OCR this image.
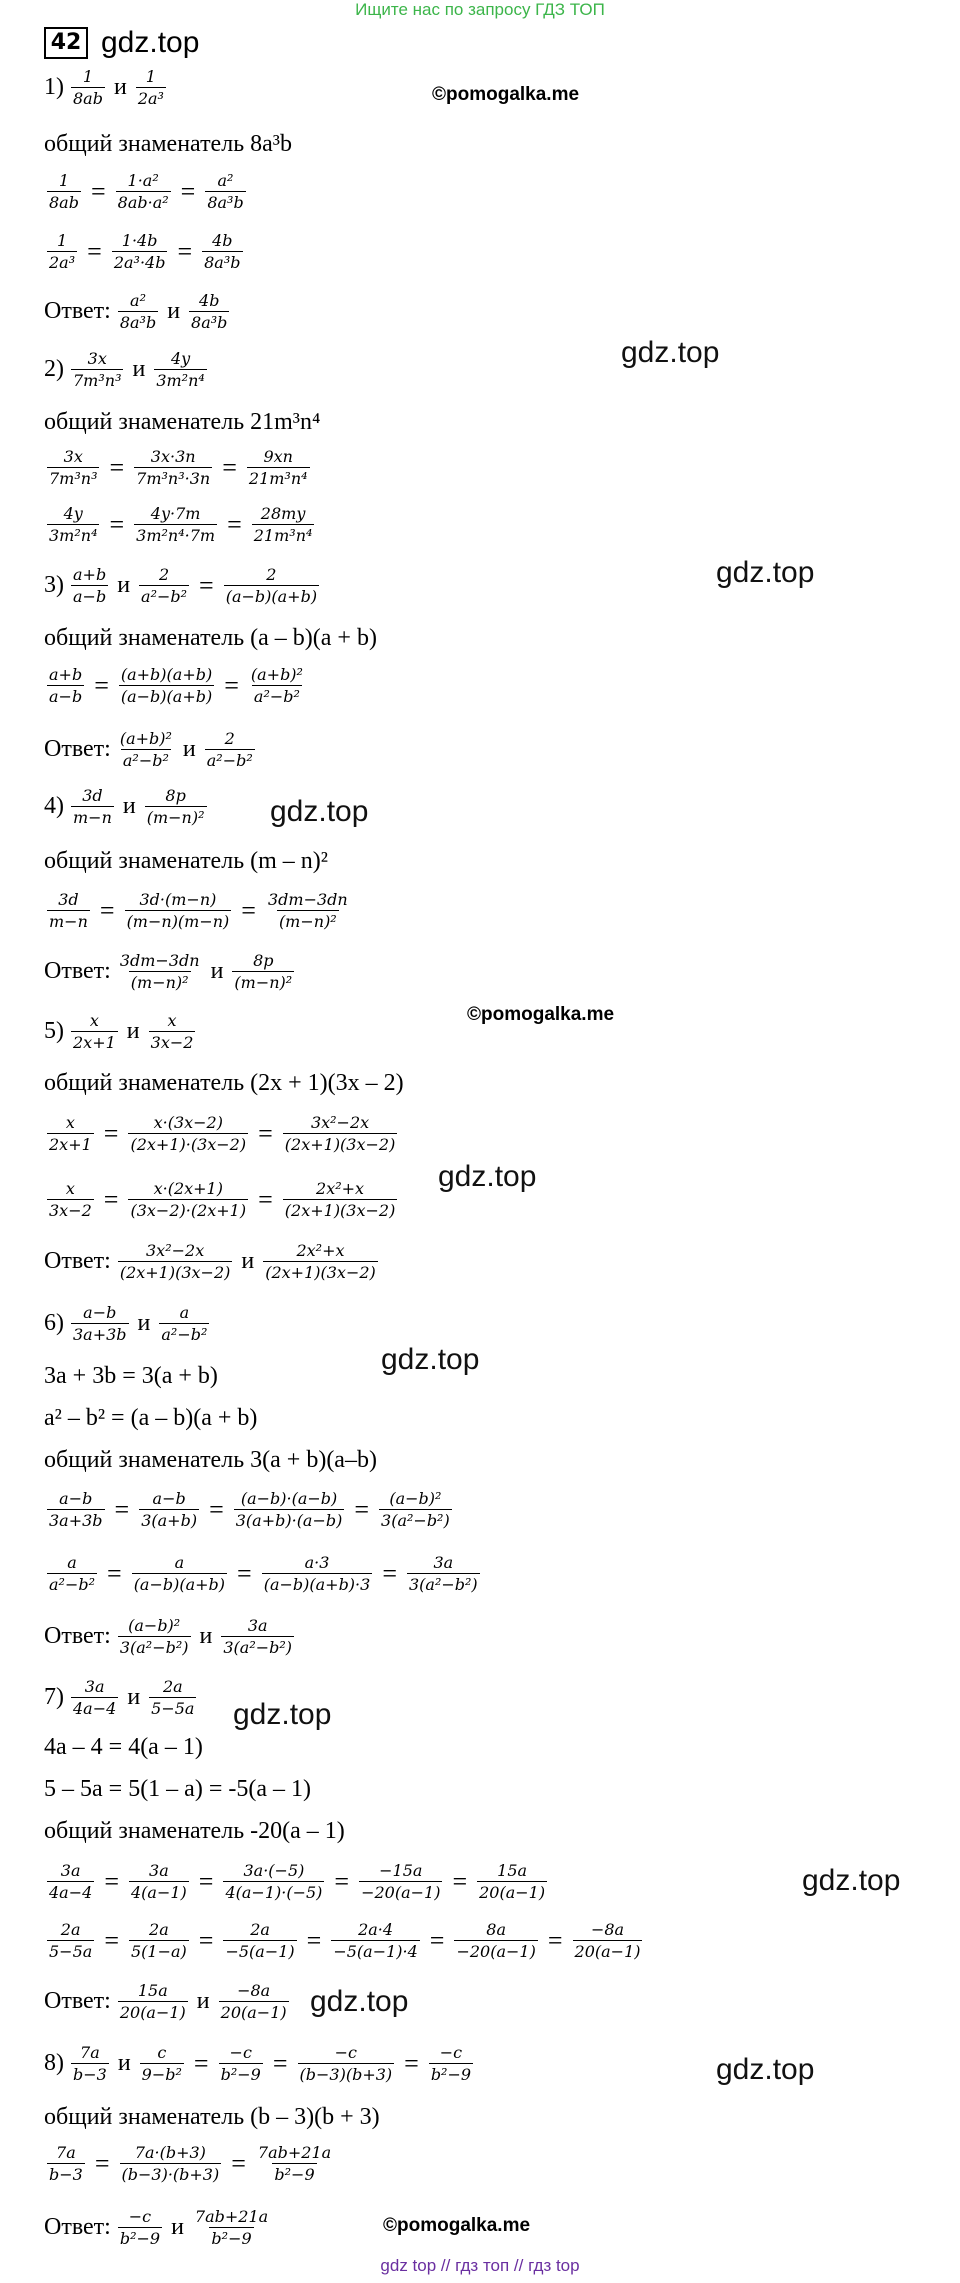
Ищите нас по запросу ГДЗ ТОП
42 gdz.top
©pomogalka.me
gdz.top
gdz.top
gdz.top
©pomogalka.me
gdz.top
gdz.top
gdz.top
gdz.top
gdz.top
gdz.top
©pomogalka.me
$1) \frac{1}{8ab}$ и $\frac{1}{\text{2a³}}$
общий знаменатель 8a³b
$\frac{1}{8ab} = \frac{\text{1·a²}}{\text{8ab·a²}} = \frac{\text{a²}}{\text{8a³b}}$
$\frac{1}{\text{2a³}} = \frac{1\cdot 4b}{\text{2a³·4b}} = \frac{4b}{\text{8a³b}}$
Ответ: $\frac{\text{a²}}{\text{8a³b}}$ и $\frac{4b}{\text{8a³b}}$
$2) \frac{3x}{\text{7m³n³}}$ и $\frac{4y}{\text{3m²n⁴}}$
общий знаменатель 21m³n⁴
$\frac{3x}{\text{7m³n³}} = \frac{3x\cdot 3n}{\text{7m³n³·3n}} = \frac{9xn}{\text{21m³n⁴}}$
$\frac{4y}{\text{3m²n⁴}} = \frac{4y\cdot 7m}{\text{3m²n⁴·7m}} = \frac{28my}{\text{21m³n⁴}}$
$3) \frac{a+b}{a-b}$ и $\frac{2}{\text{a²−b²}} = \frac{2}{(a-b)(a+b)}$
общий знаменатель (a – b)(a + b)
$\frac{a+b}{a-b} = \frac{(a+b)(a+b)}{(a-b)(a+b)} = \frac{\text{(a+b)²}}{\text{a²−b²}}$
Ответ: $\frac{\text{(a+b)²}}{\text{a²−b²}}$ и $\frac{2}{\text{a²−b²}}$
$4) \frac{3d}{m-n}$ и $\frac{8p}{\text{(m−n)²}}$
общий знаменатель (m – n)²
$\frac{3d}{m-n} = \frac{3d\cdot(m-n)}{(m-n)(m-n)} = \frac{3dm-3dn}{\text{(m−n)²}}$
Ответ: $\frac{3dm-3dn}{\text{(m−n)²}}$ и $\frac{8p}{\text{(m−n)²}}$
$5) \frac{x}{2x+1}$ и $\frac{x}{3x-2}$
общий знаменатель (2x + 1)(3x – 2)
$\frac{x}{2x+1} = \frac{x\cdot(3x-2)}{(2x+1)\cdot(3x-2)} = \frac{\text{3x²−2x}}{(2x+1)(3x-2)}$
$\frac{x}{3x-2} = \frac{x\cdot(2x+1)}{(3x-2)\cdot(2x+1)} = \frac{\text{2x²+x}}{(2x+1)(3x-2)}$
Ответ: $\frac{\text{3x²−2x}}{(2x+1)(3x-2)}$ и $\frac{\text{2x²+x}}{(2x+1)(3x-2)}$
$6) \frac{a-b}{3a+3b}$ и $\frac{a}{\text{a²−b²}}$
3a + 3b = 3(a + b)
a² – b² = (a – b)(a + b)
общий знаменатель 3(a + b)(a–b)
$\frac{a-b}{3a+3b} = \frac{a-b}{3(a+b)} = \frac{(a-b)\cdot(a-b)}{3(a+b)\cdot(a-b)} = \frac{\text{(a−b)²}}{\text{3(a²−b²)}}$
$\frac{a}{\text{a²−b²}} = \frac{a}{(a-b)(a+b)} = \frac{a\cdot 3}{(a-b)(a+b)\cdot 3} = \frac{3a}{\text{3(a²−b²)}}$
Ответ: $\frac{\text{(a−b)²}}{\text{3(a²−b²)}}$ и $\frac{3a}{\text{3(a²−b²)}}$
$7) \frac{3a}{4a-4}$ и $\frac{2a}{5-5a}$
4a – 4 = 4(a – 1)
5 – 5a = 5(1 – a) = -5(a – 1)
общий знаменатель -20(a – 1)
$\frac{3a}{4a-4} = \frac{3a}{4(a-1)} = \frac{3a\cdot(-5)}{4(a-1)\cdot(-5)} = \frac{-15a}{-20(a-1)} = \frac{15a}{20(a-1)}$
$\frac{2a}{5-5a} = \frac{2a}{5(1-a)} = \frac{2a}{-5(a-1)} = \frac{2a\cdot 4}{-5(a-1)\cdot 4} = \frac{8a}{-20(a-1)} = \frac{-8a}{20(a-1)}$
Ответ: $\frac{15a}{20(a-1)}$ и $\frac{-8a}{20(a-1)}$
$8) \frac{7a}{b-3}$ и $\frac{c}{\text{9−b²}} = \frac{-c}{\text{b²−9}} = \frac{-c}{(b-3)(b+3)} = \frac{-c}{\text{b²−9}}$
общий знаменатель (b – 3)(b + 3)
$\frac{7a}{b-3} = \frac{7a\cdot(b+3)}{(b-3)\cdot(b+3)} = \frac{7ab+21a}{\text{b²−9}}$
Ответ: $\frac{-c}{\text{b²−9}}$ и $\frac{7ab+21a}{\text{b²−9}}$
gdz top // гдз топ // гдз top
